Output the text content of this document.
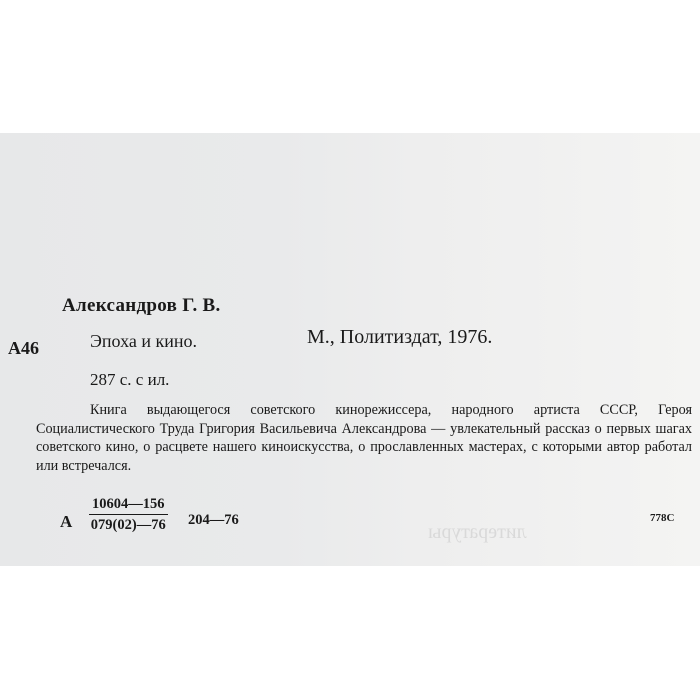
литературы
Александров Г. В.
А46	Эпоха и кино.	М., Политиздат, 1976.
287 с. с ил.

Книга выдающегося советского кинорежиссера, народного артиста СССР, Героя Социалистического Труда Григория Васильевича Александрова — увлекательный рассказ о первых шагах советского кино, о расцвете нашего киноискусства, о прославленных мастерах, с которыми автор работал или встречался.

А $\frac{10604—156}{079(02)—76}$ 204—76	778С
